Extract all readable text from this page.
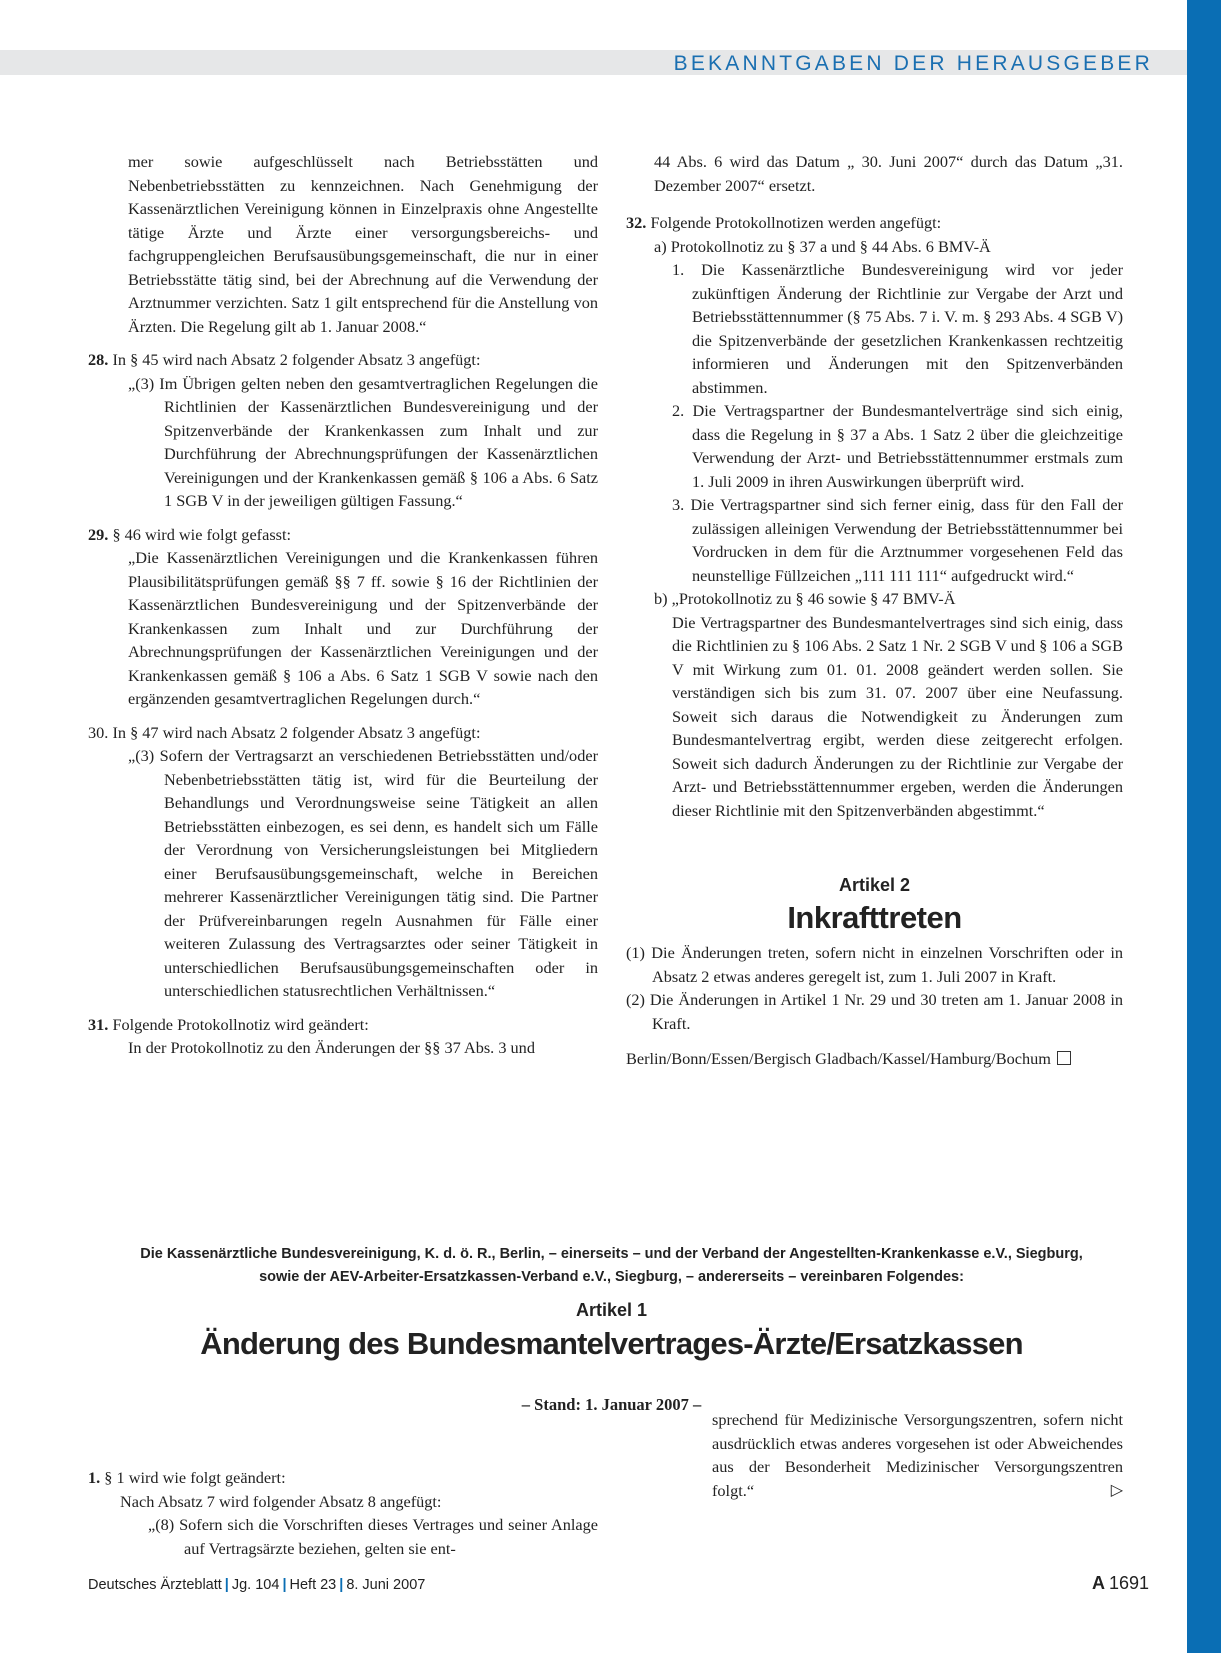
BEKANNTGABEN DER HERAUSGEBER

mer sowie aufgeschlüsselt nach Betriebsstätten und Nebenbetriebsstätten zu kennzeichnen. Nach Genehmigung der Kassenärztlichen Vereinigung können in Einzelpraxis ohne Angestellte tätige Ärzte und Ärzte einer versorgungsbereichs- und fachgruppengleichen Berufsausübungsgemeinschaft, die nur in einer Betriebsstätte tätig sind, bei der Abrechnung auf die Verwendung der Arztnummer verzichten. Satz 1 gilt entsprechend für die Anstellung von Ärzten. Die Regelung gilt ab 1. Januar 2008.“

28. In § 45 wird nach Absatz 2 folgender Absatz 3 angefügt:

„(3) Im Übrigen gelten neben den gesamtvertraglichen Regelungen die Richtlinien der Kassenärztlichen Bundesvereinigung und der Spitzenverbände der Krankenkassen zum Inhalt und zur Durchführung der Abrechnungsprüfungen der Kassenärztlichen Vereinigungen und der Krankenkassen gemäß § 106 a Abs. 6 Satz 1 SGB V in der jeweiligen gültigen Fassung.“

29. § 46 wird wie folgt gefasst:

„Die Kassenärztlichen Vereinigungen und die Krankenkassen führen Plausibilitätsprüfungen gemäß §§ 7 ff. sowie § 16 der Richtlinien der Kassenärztlichen Bundesvereinigung und der Spitzenverbände der Krankenkassen zum Inhalt und zur Durchführung der Abrechnungsprüfungen der Kassenärztlichen Vereinigungen und der Krankenkassen gemäß § 106 a Abs. 6 Satz 1 SGB V sowie nach den ergänzenden gesamtvertraglichen Regelungen durch.“

30. In § 47 wird nach Absatz 2 folgender Absatz 3 angefügt:

„(3) Sofern der Vertragsarzt an verschiedenen Betriebsstätten und/oder Nebenbetriebsstätten tätig ist, wird für die Beurteilung der Behandlungs und Verordnungsweise seine Tätigkeit an allen Betriebsstätten einbezogen, es sei denn, es handelt sich um Fälle der Verordnung von Versicherungsleistungen bei Mitgliedern einer Berufsausübungsgemeinschaft, welche in Bereichen mehrerer Kassenärztlicher Vereinigungen tätig sind. Die Partner der Prüfvereinbarungen regeln Ausnahmen für Fälle einer weiteren Zulassung des Vertragsarztes oder seiner Tätigkeit in unterschiedlichen Berufsausübungsgemeinschaften oder in unterschiedlichen statusrechtlichen Verhältnissen.“

31. Folgende Protokollnotiz wird geändert:

In der Protokollnotiz zu den Änderungen der §§ 37 Abs. 3 und

44 Abs. 6 wird das Datum „ 30. Juni 2007“ durch das Datum „31. Dezember 2007“ ersetzt.

32. Folgende Protokollnotizen werden angefügt:

a) Protokollnotiz zu § 37 a und § 44 Abs. 6 BMV-Ä

1. Die Kassenärztliche Bundesvereinigung wird vor jeder zukünftigen Änderung der Richtlinie zur Vergabe der Arzt und Betriebsstättennummer (§ 75 Abs. 7 i. V. m. § 293 Abs. 4 SGB V) die Spitzenverbände der gesetzlichen Krankenkassen rechtzeitig informieren und Änderungen mit den Spitzenverbänden abstimmen.

2. Die Vertragspartner der Bundesmantelverträge sind sich einig, dass die Regelung in § 37 a Abs. 1 Satz 2 über die gleichzeitige Verwendung der Arzt- und Betriebsstättennummer erstmals zum 1. Juli 2009 in ihren Auswirkungen überprüft wird.

3. Die Vertragspartner sind sich ferner einig, dass für den Fall der zulässigen alleinigen Verwendung der Betriebsstättennummer bei Vordrucken in dem für die Arztnummer vorgesehenen Feld das neunstellige Füllzeichen „111 111 111“ aufgedruckt wird.“

b) „Protokollnotiz zu § 46 sowie § 47 BMV-Ä

Die Vertragspartner des Bundesmantelvertrages sind sich einig, dass die Richtlinien zu § 106 Abs. 2 Satz 1 Nr. 2 SGB V und § 106 a SGB V mit Wirkung zum 01. 01. 2008 geändert werden sollen. Sie verständigen sich bis zum 31. 07. 2007 über eine Neufassung. Soweit sich daraus die Notwendigkeit zu Änderungen zum Bundesmantelvertrag ergibt, werden diese zeitgerecht erfolgen. Soweit sich dadurch Änderungen zu der Richtlinie zur Vergabe der Arzt- und Betriebsstättennummer ergeben, werden die Änderungen dieser Richtlinie mit den Spitzenverbänden abgestimmt.“

Artikel 2
Inkrafttreten

(1) Die Änderungen treten, sofern nicht in einzelnen Vorschriften oder in Absatz 2 etwas anderes geregelt ist, zum 1. Juli 2007 in Kraft.

(2) Die Änderungen in Artikel 1 Nr. 29 und 30 treten am 1. Januar 2008 in Kraft.

Berlin/Bonn/Essen/Bergisch Gladbach/Kassel/Hamburg/Bochum

Die Kassenärztliche Bundesvereinigung, K. d. ö. R., Berlin, – einerseits – und der Verband der Angestellten-Krankenkasse e.V., Siegburg,
sowie der AEV-Arbeiter-Ersatzkassen-Verband e.V., Siegburg, – andererseits – vereinbaren Folgendes:
Artikel 1
Änderung des Bundesmantelvertrages-Ärzte/Ersatzkassen
– Stand: 1. Januar 2007 –

1. § 1 wird wie folgt geändert:

Nach Absatz 7 wird folgender Absatz 8 angefügt:

„(8) Sofern sich die Vorschriften dieses Vertrages und seiner Anlage auf Vertragsärzte beziehen, gelten sie ent-

sprechend für Medizinische Versorgungszentren, sofern nicht ausdrücklich etwas anderes vorgesehen ist oder Abweichendes aus der Besonderheit Medizinischer Versorgungszentren folgt.“	▷

Deutsches Ärzteblatt | Jg. 104 | Heft 23 | 8. Juni 2007	A 1691
